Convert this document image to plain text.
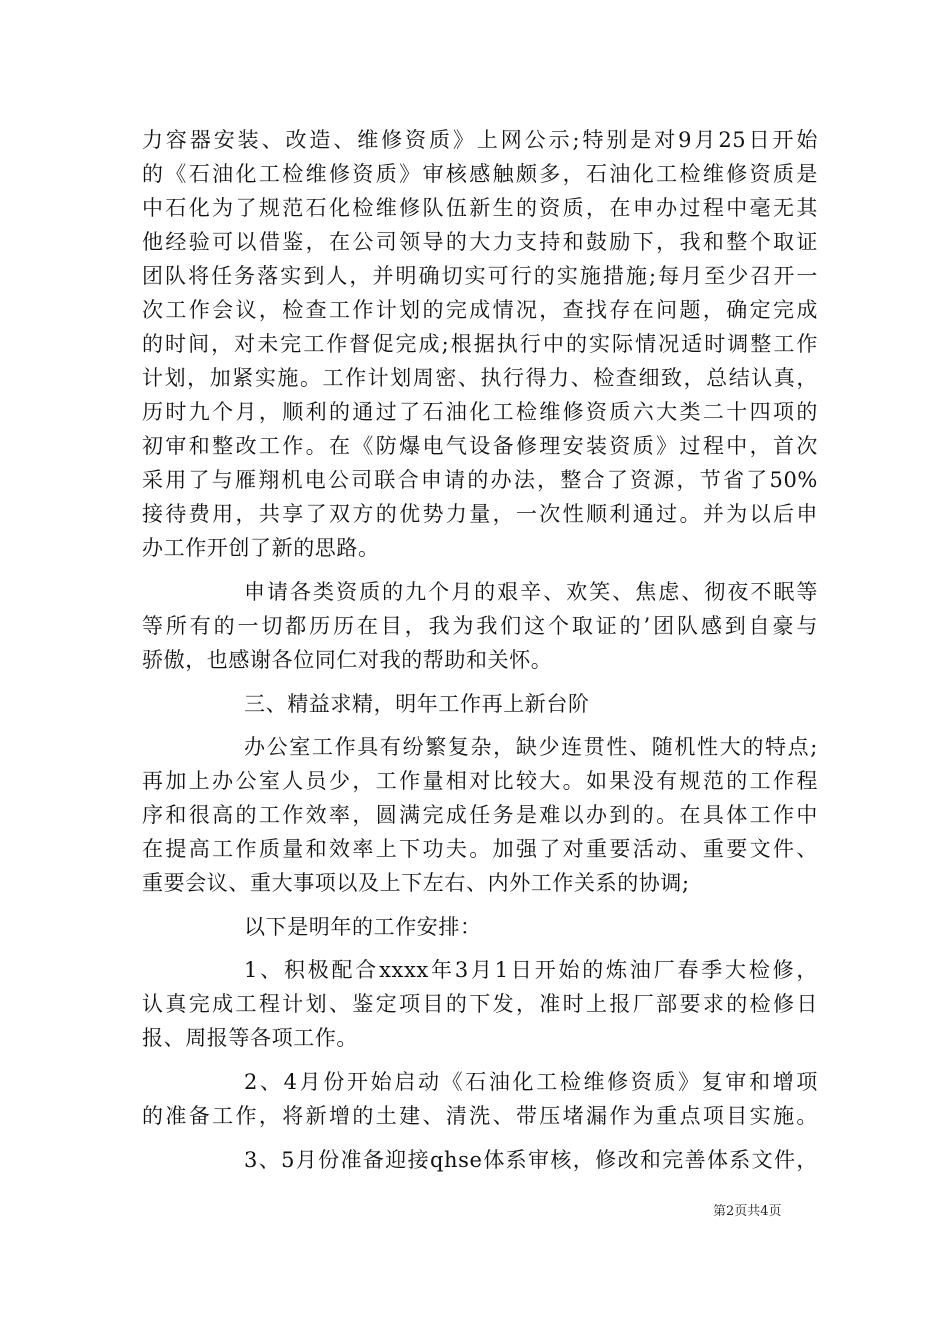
力容器安装、改造、维修资质》上网公示;特别是对9月25日开始
的《石油化工检维修资质》审核感触颇多，石油化工检维修资质是
中石化为了规范石化检维修队伍新生的资质，在申办过程中毫无其
他经验可以借鉴，在公司领导的大力支持和鼓励下，我和整个取证
团队将任务落实到人，并明确切实可行的实施措施;每月至少召开一
次工作会议，检查工作计划的完成情况，查找存在问题，确定完成
的时间，对未完工作督促完成;根据执行中的实际情况适时调整工作
计划，加紧实施。工作计划周密、执行得力、检查细致，总结认真，
历时九个月，顺利的通过了石油化工检维修资质六大类二十四项的
初审和整改工作。在《防爆电气设备修理安装资质》过程中，首次
采用了与雁翔机电公司联合申请的办法，整合了资源，节省了50%
接待费用，共享了双方的优势力量，一次性顺利通过。并为以后申
办工作开创了新的思路。
申请各类资质的九个月的艰辛、欢笑、焦虑、彻夜不眠等
等所有的一切都历历在目，我为我们这个取证的’团队感到自豪与
骄傲，也感谢各位同仁对我的帮助和关怀。
三、精益求精，明年工作再上新台阶
办公室工作具有纷繁复杂，缺少连贯性、随机性大的特点;
再加上办公室人员少，工作量相对比较大。如果没有规范的工作程
序和很高的工作效率，圆满完成任务是难以办到的。在具体工作中
在提高工作质量和效率上下功夫。加强了对重要活动、重要文件、
重要会议、重大事项以及上下左右、内外工作关系的协调;
以下是明年的工作安排：
1、积极配合xxxx年3月1日开始的炼油厂春季大检修，
认真完成工程计划、鉴定项目的下发，准时上报厂部要求的检修日
报、周报等各项工作。
2、4月份开始启动《石油化工检维修资质》复审和增项
的准备工作，将新增的土建、清洗、带压堵漏作为重点项目实施。
3、5月份准备迎接qhse体系审核，修改和完善体系文件，
第2页共4页
